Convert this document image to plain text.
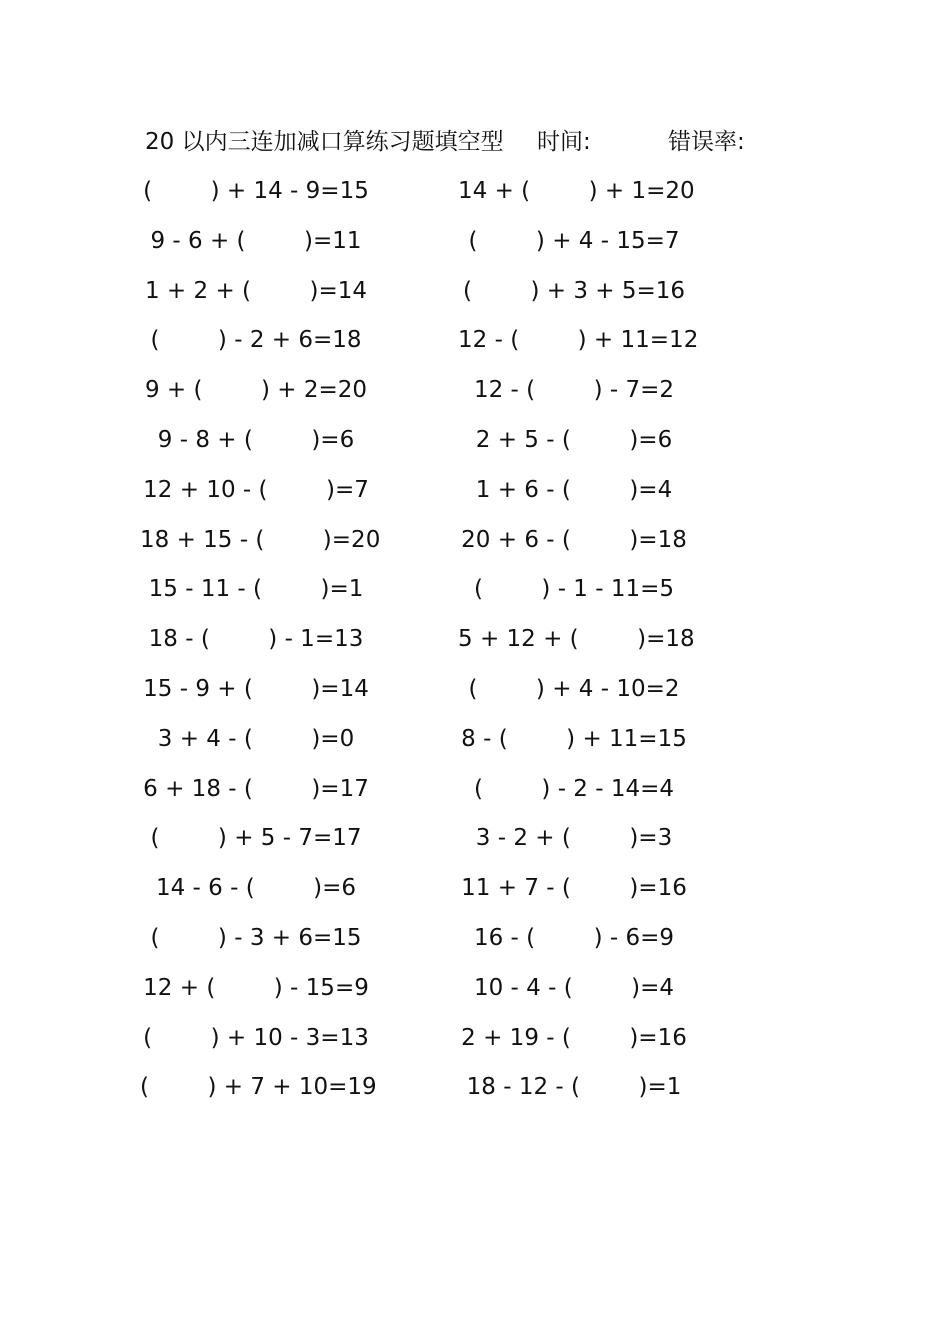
20 以内三连加减口算练习题填空型 时间:	错误率:
(        ) + 14 - 9=15	14 + (        ) + 1=20
9 - 6 + (        )=11	(        ) + 4 - 15=7
1 + 2 + (        )=14	(        ) + 3 + 5=16
(        ) - 2 + 6=18	12 - (        ) + 11=12
9 + (        ) + 2=20	12 - (        ) - 7=2
9 - 8 + (        )=6	2 + 5 - (        )=6
12 + 10 - (        )=7	1 + 6 - (        )=4
18 + 15 - (        )=20	20 + 6 - (        )=18
15 - 11 - (        )=1	(        ) - 1 - 11=5
18 - (        ) - 1=13	5 + 12 + (        )=18
15 - 9 + (        )=14	(        ) + 4 - 10=2
3 + 4 - (        )=0	8 - (        ) + 11=15
6 + 18 - (        )=17	(        ) - 2 - 14=4
(        ) + 5 - 7=17	3 - 2 + (        )=3
14 - 6 - (        )=6	11 + 7 - (        )=16
(        ) - 3 + 6=15	16 - (        ) - 6=9
12 + (        ) - 15=9	10 - 4 - (        )=4
(        ) + 10 - 3=13	2 + 19 - (        )=16
(        ) + 7 + 10=19	18 - 12 - (        )=1
